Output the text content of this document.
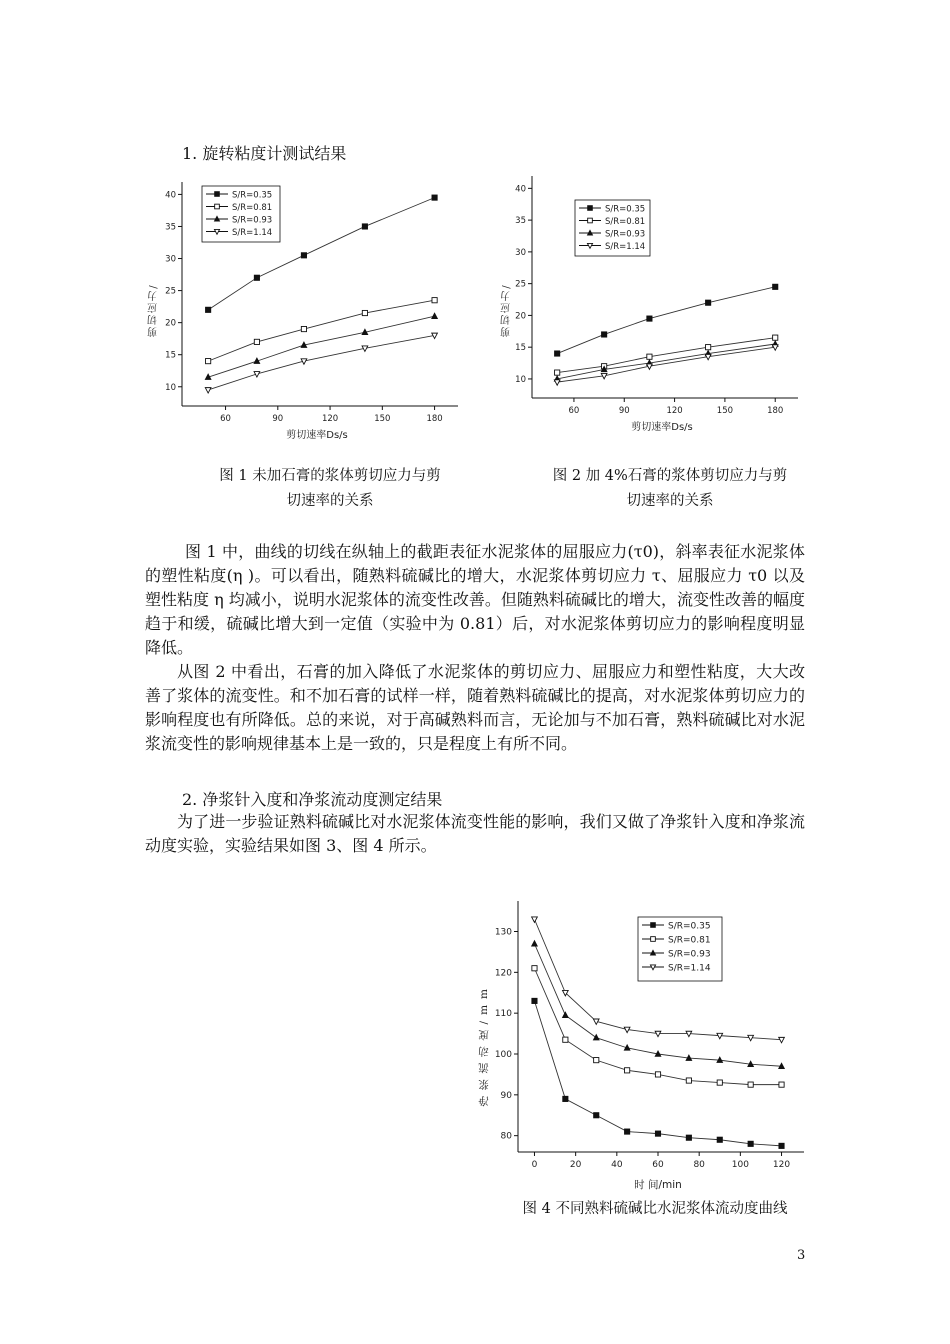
1. 旋转粘度计测试结果
10
15
20
25
30
35
40
60	90	120	150	180
剪切速率Ds/s
剪切应力/
S/R=0.35
S/R=0.81
S/R=0.93
S/R=1.14
10
15
20
25
30
35
40
60	90	120	150	180
剪切速率Ds/s
剪切应力/
S/R=0.35
S/R=0.81
S/R=0.93
S/R=1.14
图 1 未加石膏的浆体剪切应力与剪
切速率的关系
图 2 加 4%石膏的浆体剪切应力与剪
切速率的关系

图 1 中，曲线的切线在纵轴上的截距表征水泥浆体的屈服应力(τ0)，斜率表征水泥浆体的塑性粘度(η )。可以看出，随熟料硫碱比的增大，水泥浆体剪切应力 τ、屈服应力 τ0 以及塑性粘度 η 均减小，说明水泥浆体的流变性改善。但随熟料硫碱比的增大，流变性改善的幅度趋于和缓，硫碱比增大到一定值（实验中为 0.81）后，对水泥浆体剪切应力的影响程度明显降低。

从图 2 中看出，石膏的加入降低了水泥浆体的剪切应力、屈服应力和塑性粘度，大大改善了浆体的流变性。和不加石膏的试样一样，随着熟料硫碱比的提高，对水泥浆体剪切应力的影响程度也有所降低。总的来说，对于高碱熟料而言，无论加与不加石膏，熟料硫碱比对水泥浆流变性的影响规律基本上是一致的，只是程度上有所不同。

2. 净浆针入度和净浆流动度测定结果

为了进一步验证熟料硫碱比对水泥浆体流变性能的影响，我们又做了净浆针入度和净浆流动度实验，实验结果如图 3、图 4 所示。

80
90
100
110
120
130
0	20	40	60	80	100	120
时 间/min
净浆流动度/mm
S/R=0.35
S/R=0.81
S/R=0.93
S/R=1.14
图 4 不同熟料硫碱比水泥浆体流动度曲线
3
